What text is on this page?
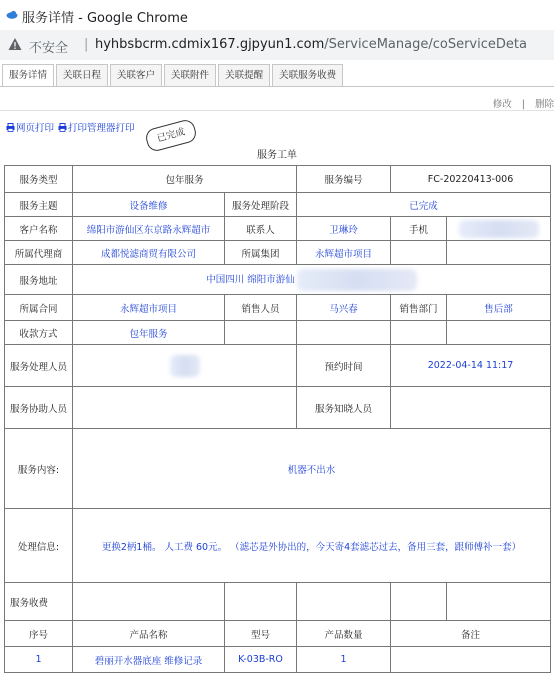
服务详情 - Google Chrome
不安全 | hyhbsbcrm.cdmix167.gjpyun1.com/ServiceManage/coServiceDeta
服务详情	关联日程	关联客户	关联附件	关联提醒	关联服务收费
修改 | 删除
网页打印 打印管理器打印	已完成
服务工单
服务类型	包年服务		服务编号	FC-20220413-006	
服务主题	设备维修	服务处理阶段	已完成		
客户名称	绵阳市游仙区东京路永辉超市	联系人	卫琳玲	手机	
所属代理商	成都悦滤商贸有限公司	所属集团	永辉超市项目		
服务地址	中国四川 绵阳市游仙				
所属合同	永辉超市项目	销售人员	马兴春	销售部门	售后部
收款方式	包年服务				
服务处理人员			预约时间	2022-04-14 11:17	
服务协助人员			服务知晓人员		
服务内容:	机器不出水				
处理信息:	更换2柄1桶。 人工费 60元。 （滤芯是外协出的，今天寄4套滤芯过去，备用三套，跟师傅补一套）				
服务收费					
序号	产品名称	型号	产品数量	备注	
1	碧丽开水器底座 维修记录	K-03B-RO	1		
